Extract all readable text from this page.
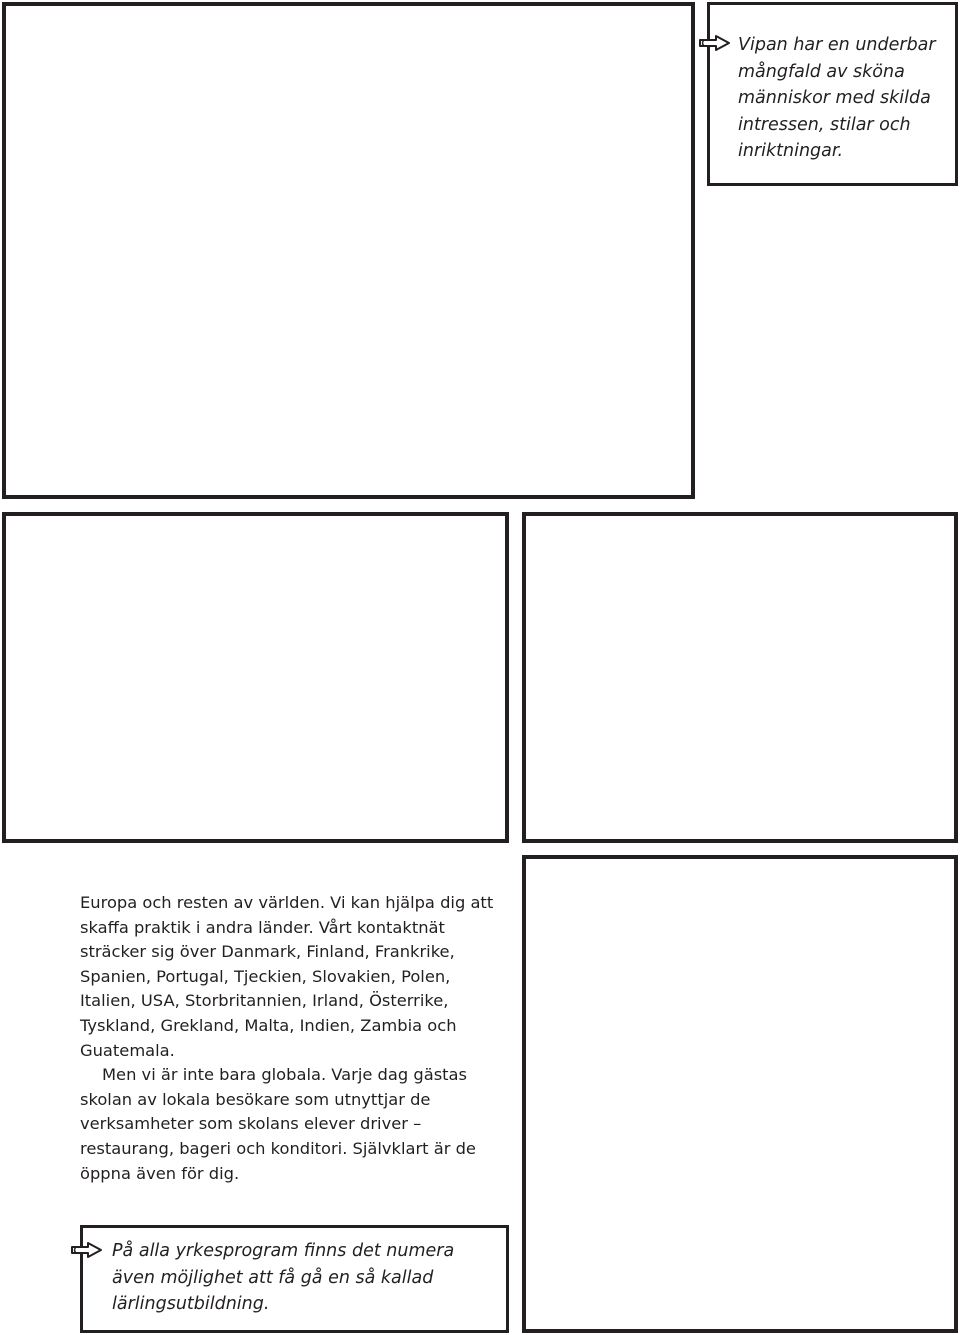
Vipan har en underbar
mångfald av sköna
människor med skilda
intressen, stilar och
inriktningar.

Europa och resten av världen. Vi kan hjälpa dig att skaffa praktik i andra länder. Vårt kontaktnät sträcker sig över Danmark, Finland, Frankrike, Spanien, Portugal, Tjeckien, Slovakien, Polen, Italien, USA, Storbritannien, Irland, Österrike, Tyskland, Grekland, Malta, Indien, Zambia och Guatemala.

Men vi är inte bara globala. Varje dag gästas skolan av lokala besökare som utnyttjar de verksamheter som skolans elever driver – restaurang, bageri och konditori. Självklart är de öppna även för dig.

På alla yrkesprogram finns det numera
även möjlighet att få gå en så kallad
lärlingsutbildning.
